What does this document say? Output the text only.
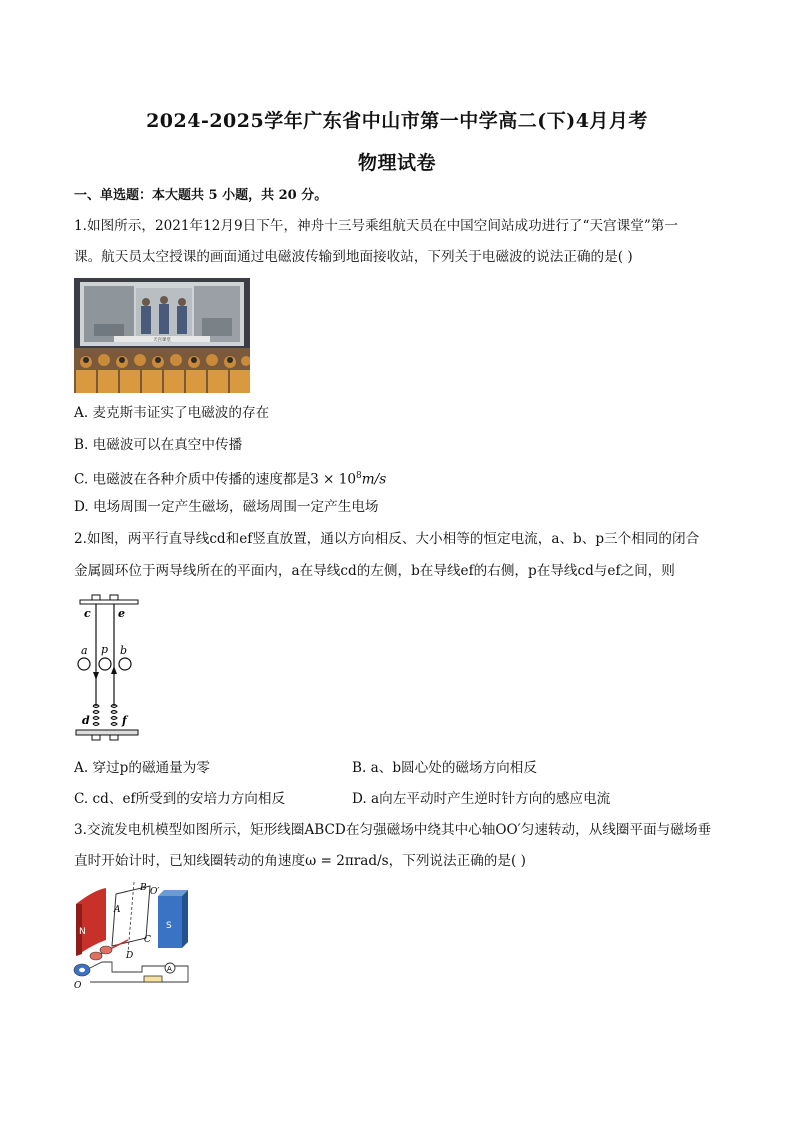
2024-2025学年广东省中山市第一中学高二(下)4月月考
物理试卷
一、单选题：本大题共 5 小题，共 20 分。
1.如图所示，2021年12月9日下午，神舟十三号乘组航天员在中国空间站成功进行了“天宫课堂”第一
课。航天员太空授课的画面通过电磁波传输到地面接收站，下列关于电磁波的说法正确的是( )
天宫课堂
A. 麦克斯韦证实了电磁波的存在
B. 电磁波可以在真空中传播
C. 电磁波在各种介质中传播的速度都是$3 \times 10^8m/s$
D. 电场周围一定产生磁场，磁场周围一定产生电场
2.如图，两平行直导线cd和ef竖直放置，通以方向相反、大小相等的恒定电流，a、b、p三个相同的闭合
金属圆环位于两导线所在的平面内，a在导线cd的左侧，b在导线ef的右侧，p在导线cd与ef之间，则
c e
a p b
d	f
A. 穿过p的磁通量为零	B. a、b圆心处的磁场方向相反
C. cd、ef所受到的安培力方向相反	D. a向左平动时产生逆时针方向的感应电流
3.交流发电机模型如图所示，矩形线圈ABCD在匀强磁场中绕其中心轴OO′匀速转动，从线圈平面与磁场垂
直时开始计时，已知线圈转动的角速度ω = 2πrad/s，下列说法正确的是( )
N
S
B O′
A
C
D
A
O
